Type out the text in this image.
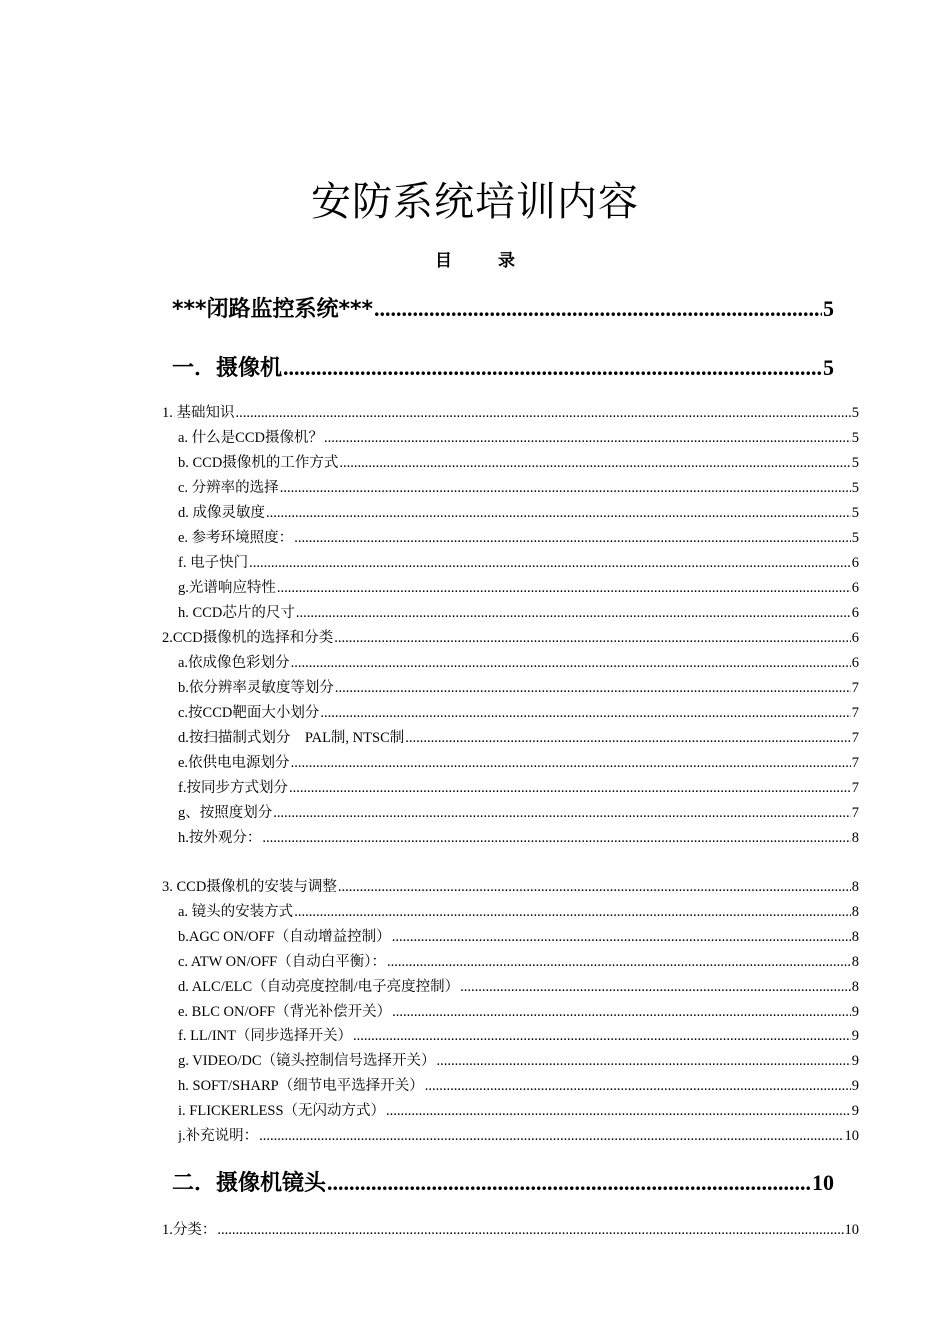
安防系统培训内容
目 录
***闭路监控系统*** .....	5
一．摄像机 .....	5
1. 基础知识 .....	5
a. 什么是CCD摄像机？ .....	5
b. CCD摄像机的工作方式 .....	5
c. 分辨率的选择 .....	5
d. 成像灵敏度 .....	5
e. 参考环境照度： .....	5
f. 电子快门 .....	6
g.光谱响应特性 .....	6
h. CCD芯片的尺寸 .....	6
2.CCD摄像机的选择和分类 .....	6
a.依成像色彩划分 .....	6
b.依分辨率灵敏度等划分 .....	7
c.按CCD靶面大小划分 .....	7
d.按扫描制式划分　PAL制, NTSC制 .....	7
e.依供电电源划分 .....	7
f.按同步方式划分 .....	7
g、按照度划分 .....	7
h.按外观分： .....	8
3. CCD摄像机的安装与调整 .....	8
a. 镜头的安装方式 .....	8
b.AGC ON/OFF（自动增益控制） .....	8
c. ATW ON/OFF（自动白平衡）： .....	8
d. ALC/ELC（自动亮度控制/电子亮度控制） .....	8
e. BLC ON/OFF（背光补偿开关） .....	9
f. LL/INT（同步选择开关） .....	9
g. VIDEO/DC（镜头控制信号选择开关） .....	9
h. SOFT/SHARP（细节电平选择开关） .....	9
i. FLICKERLESS（无闪动方式） .....	9
j.补充说明： .....	10
二．摄像机镜头 .....	10
1.分类： .....	10
